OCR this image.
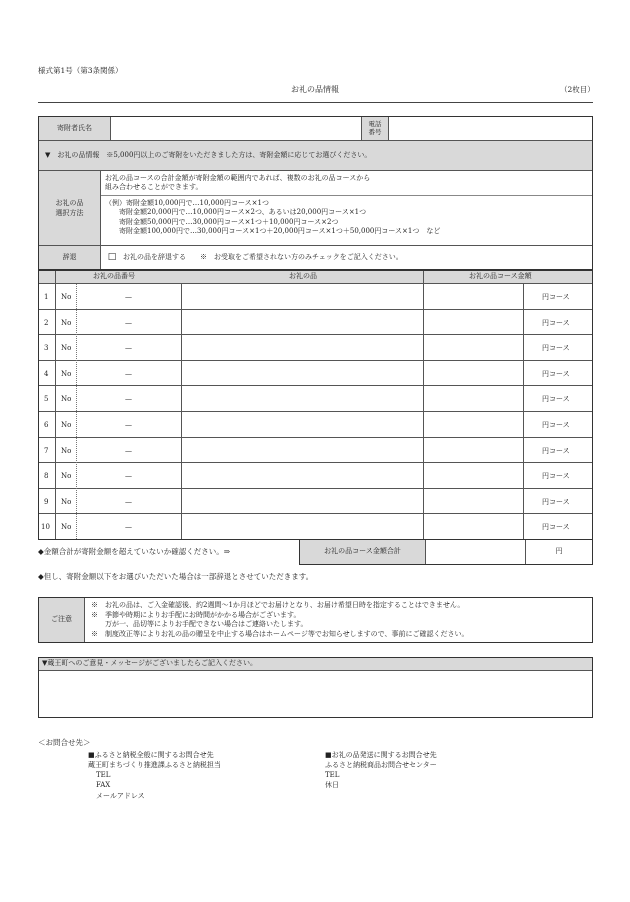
様式第1号（第3条関係）
お礼の品情報	（2枚目）
寄附者氏名
電話
番号
▼　お礼の品情報　※5,000円以上のご寄附をいただきました方は、寄附金額に応じてお選びください。
お礼の品
選択方法
お礼の品コースの合計金額が寄附金額の範囲内であれば、複数のお礼の品コースから
組み合わせることができます。
（例）寄附金額10,000円で…10,000円コース×1つ
寄附金額20,000円で…10,000円コース×2つ、あるいは20,000円コース×1つ
寄附金額50,000円で…30,000円コース×1つ＋10,000円コース×2つ
寄附金額100,000円で…30,000円コース×1つ＋20,000円コース×1つ＋50,000円コース×1つ　など
辞退	□ お礼の品を辞退する　　※　お受取をご希望されない方のみチェックをご記入ください。
お礼の品番号	お礼の品	お礼の品コース金額
1 No	—	円コース
2 No	—	円コース
3 No	—	円コース
4 No	—	円コース
5 No	—	円コース
6 No	—	円コース
7 No	—	円コース
8 No	—	円コース
9 No	—	円コース
10 No	—	円コース
◆金額合計が寄附金額を超えていないか確認ください。⇒	お礼の品コース金額合計	円
◆但し、寄附金額以下をお選びいただいた場合は一部辞退とさせていただきます。
ご注意
※　お礼の品は、ご入金確認後、約2週間～1か月ほどでお届けとなり、お届け希望日時を指定することはできません。
※　季節や時期によりお手配にお時間がかかる場合がございます。
　　万が一、品切等によりお手配できない場合はご連絡いたします。
※　制度改正等によりお礼の品の贈呈を中止する場合はホームページ等でお知らせしますので、事前にご確認ください。
▼蔵王町へのご意見・メッセージがございましたらご記入ください。
＜お問合せ先＞
■ふるさと納税全般に関するお問合せ先
蔵王町まちづくり推進課ふるさと納税担当
TEL
FAX
メールアドレス
■お礼の品発送に関するお問合せ先
ふるさと納税商品お問合せセンター
TEL
休日
